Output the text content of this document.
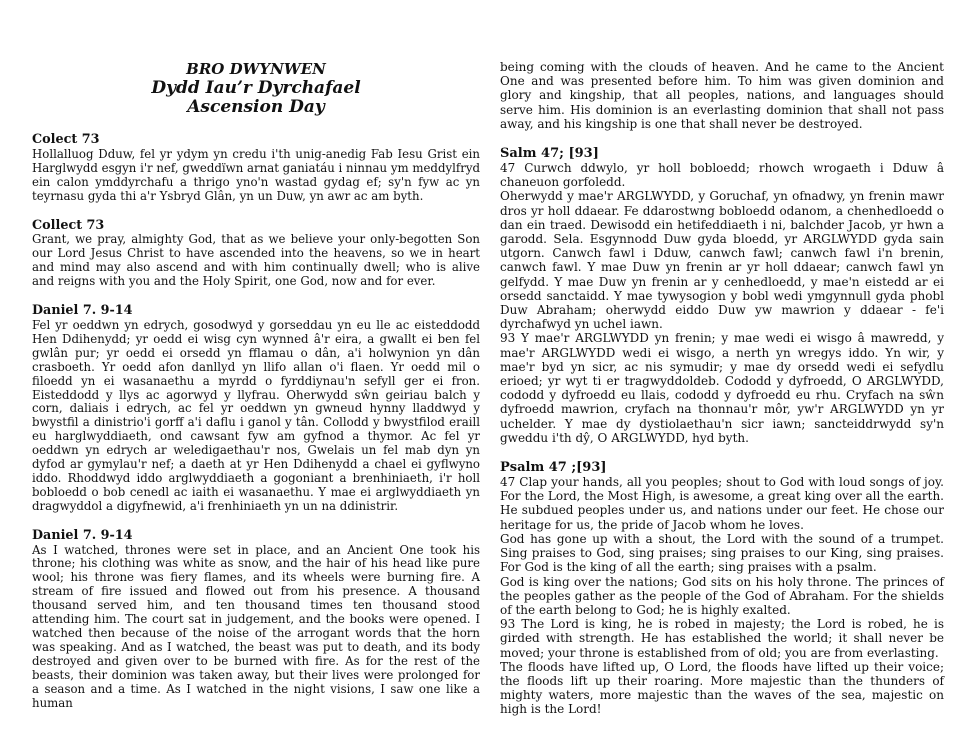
BRO DWYNWEN
Dydd Iau’r Dyrchafael
Ascension Day
Colect 73

Hollalluog Dduw, fel yr ydym yn credu i'th unig-anedig Fab Iesu Grist ein Harglwydd esgyn i'r nef, gweddïwn arnat ganiatáu i ninnau ym meddylfryd ein calon ymddyrchafu a thrigo yno'n wastad gydag ef; sy'n fyw ac yn teyrnasu gyda thi a'r Ysbryd Glân, yn un Duw, yn awr ac am byth.

Collect 73

Grant, we pray, almighty God, that as we believe your only-begotten Son our Lord Jesus Christ to have ascended into the heavens, so we in heart and mind may also ascend and with him continually dwell; who is alive and reigns with you and the Holy Spirit, one God, now and for ever.

Daniel 7. 9-14

Fel yr oeddwn yn edrych, gosodwyd y gorseddau yn eu lle ac eisteddodd Hen Ddihenydd; yr oedd ei wisg cyn wynned â'r eira, a gwallt ei ben fel gwlân pur; yr oedd ei orsedd yn fflamau o dân, a'i holwynion yn dân crasboeth. Yr oedd afon danllyd yn llifo allan o'i flaen. Yr oedd mil o filoedd yn ei wasanaethu a myrdd o fyrddiynau'n sefyll ger ei fron. Eisteddodd y llys ac agorwyd y llyfrau. Oherwydd sŵn geiriau balch y corn, daliais i edrych, ac fel yr oeddwn yn gwneud hynny lladdwyd y bwystfil a dinistrio'i gorff a'i daflu i ganol y tân. Collodd y bwystfilod eraill eu harglwyddiaeth, ond cawsant fyw am gyfnod a thymor. Ac fel yr oeddwn yn edrych ar weledigaethau'r nos, Gwelais un fel mab dyn yn dyfod ar gymylau'r nef; a daeth at yr Hen Ddihenydd a chael ei gyflwyno iddo. Rhoddwyd iddo arglwyddiaeth a gogoniant a brenhiniaeth, i'r holl bobloedd o bob cenedl ac iaith ei wasanaethu. Y mae ei arglwyddiaeth yn dragwyddol a digyfnewid, a'i frenhiniaeth yn un na ddinistrir.

Daniel 7. 9-14

As I watched, thrones were set in place, and an Ancient One took his throne; his clothing was white as snow, and the hair of his head like pure wool; his throne was fiery flames, and its wheels were burning fire. A stream of fire issued and flowed out from his presence. A thousand thousand served him, and ten thousand times ten thousand stood attending him. The court sat in judgement, and the books were opened. I watched then because of the noise of the arrogant words that the horn was speaking. And as I watched, the beast was put to death, and its body destroyed and given over to be burned with fire. As for the rest of the beasts, their dominion was taken away, but their lives were prolonged for a season and a time. As I watched in the night visions, I saw one like a human

being coming with the clouds of heaven. And he came to the Ancient One and was presented before him. To him was given dominion and glory and kingship, that all peoples, nations, and languages should serve him. His dominion is an everlasting dominion that shall not pass away, and his kingship is one that shall never be destroyed.

Salm 47; [93]

47 Curwch ddwylo, yr holl bobloedd; rhowch wrogaeth i Dduw â chaneuon gorfoledd.

Oherwydd y mae'r ARGLWYDD, y Goruchaf, yn ofnadwy, yn frenin mawr dros yr holl ddaear. Fe ddarostwng bobloedd odanom, a chenhedloedd o dan ein traed. Dewisodd ein hetifeddiaeth i ni, balchder Jacob, yr hwn a garodd. Sela. Esgynnodd Duw gyda bloedd, yr ARGLWYDD gyda sain utgorn. Canwch fawl i Dduw, canwch fawl; canwch fawl i'n brenin, canwch fawl. Y mae Duw yn frenin ar yr holl ddaear; canwch fawl yn gelfydd. Y mae Duw yn frenin ar y cenhedloedd, y mae'n eistedd ar ei orsedd sanctaidd. Y mae tywysogion y bobl wedi ymgynnull gyda phobl Duw Abraham; oherwydd eiddo Duw yw mawrion y ddaear - fe'i dyrchafwyd yn uchel iawn.

93 Y mae'r ARGLWYDD yn frenin; y mae wedi ei wisgo â mawredd, y mae'r ARGLWYDD wedi ei wisgo, a nerth yn wregys iddo. Yn wir, y mae'r byd yn sicr, ac nis symudir; y mae dy orsedd wedi ei sefydlu erioed; yr wyt ti er tragwyddoldeb. Cododd y dyfroedd, O ARGLWYDD, cododd y dyfroedd eu llais, cododd y dyfroedd eu rhu. Cryfach na sŵn dyfroedd mawrion, cryfach na thonnau'r môr, yw'r ARGLWYDD yn yr uchelder. Y mae dy dystiolaethau'n sicr iawn; sancteiddrwydd sy'n gweddu i'th dŷ, O ARGLWYDD, hyd byth.

Psalm 47 ;[93]

47 Clap your hands, all you peoples; shout to God with loud songs of joy. For the Lord, the Most High, is awesome, a great king over all the earth. He subdued peoples under us, and nations under our feet. He chose our heritage for us, the pride of Jacob whom he loves.

God has gone up with a shout, the Lord with the sound of a trumpet. Sing praises to God, sing praises; sing praises to our King, sing praises. For God is the king of all the earth; sing praises with a psalm.

God is king over the nations; God sits on his holy throne. The princes of the peoples gather as the people of the God of Abraham. For the shields of the earth belong to God; he is highly exalted.

93 The Lord is king, he is robed in majesty; the Lord is robed, he is girded with strength. He has established the world; it shall never be moved; your throne is established from of old; you are from everlasting.

The floods have lifted up, O Lord, the floods have lifted up their voice; the floods lift up their roaring. More majestic than the thunders of mighty waters, more majestic than the waves of the sea, majestic on high is the Lord!
